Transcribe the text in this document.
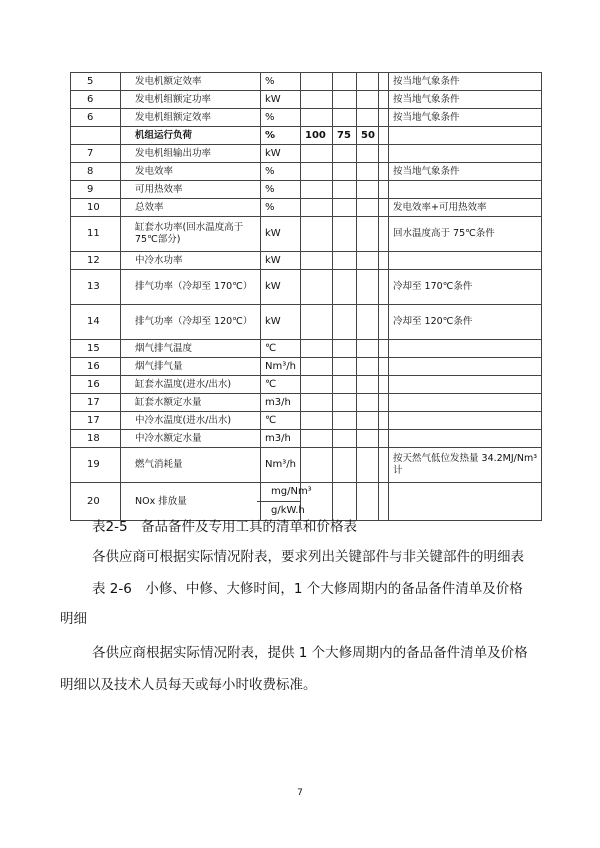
5	发电机额定效率	%					按当地气象条件
6	发电机组额定功率	kW					按当地气象条件
6	发电机组额定效率	%					按当地气象条件
	机组运行负荷	%	100	75	50		
7	发电机组输出功率	kW					
8	发电效率	%					按当地气象条件
9	可用热效率	%					
10	总效率	%					发电效率+可用热效率
11	缸套水功率(回水温度高于 75℃部分)	kW					回水温度高于 75℃条件
12	中冷水功率	kW					
13	排气功率（冷却至 170℃）	kW					冷却至 170℃条件
14	排气功率（冷却至 120℃）	kW					冷却至 120℃条件
15	烟气排气温度	℃					
16	烟气排气量	Nm³/h					
16	缸套水温度(进水/出水)	℃					
17	缸套水额定水量	m3/h					
17	中冷水温度(进水/出水)	℃					
18	中冷水额定水量	m3/h					
19	燃气消耗量	Nm³/h					按天然气低位发热量 34.2MJ/Nm³计
20	NOx 排放量	mg/Nm³
g/kW.h					

表2-5　备品备件及专用工具的清单和价格表

各供应商可根据实际情况附表，要求列出关键部件与非关键部件的明细表

表 2-6　小修、中修、大修时间，1 个大修周期内的备品备件清单及价格

明细

各供应商根据实际情况附表，提供 1 个大修周期内的备品备件清单及价格

明细以及技术人员每天或每小时收费标准。

7
